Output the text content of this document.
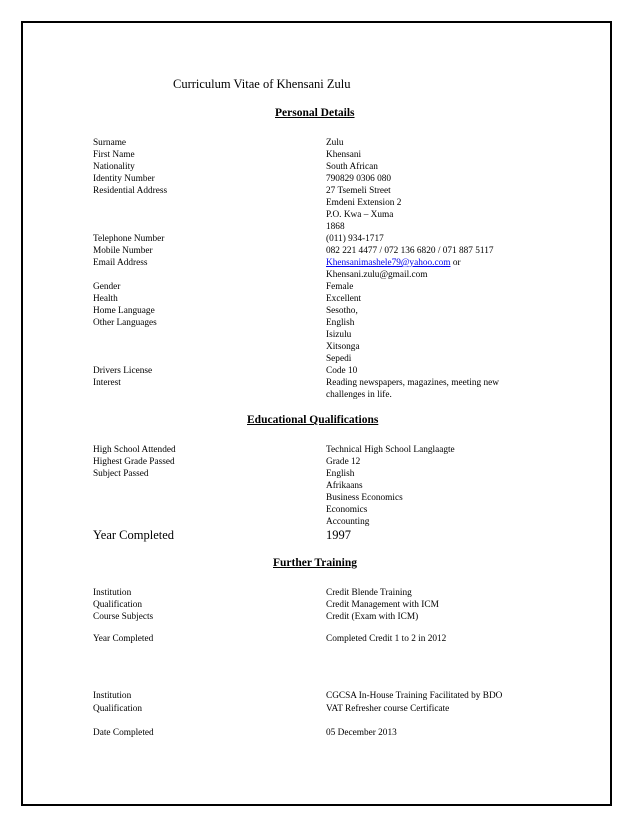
Curriculum Vitae of Khensani Zulu
Personal Details
Surname	Zulu
First Name	Khensani
Nationality	South African
Identity Number	790829 0306 080
Residential Address	27 Tsemeli Street
Emdeni Extension 2
P.O. Kwa – Xuma
1868
Telephone Number	(011) 934-1717
Mobile Number	082 221 4477 / 072 136 6820 / 071 887 5117
Email Address	Khensanimashele79@yahoo.com or
Khensani.zulu@gmail.com
Gender	Female
Health	Excellent
Home Language	Sesotho,
Other Languages	English
Isizulu
Xitsonga
Sepedi
Drivers License	Code 10
Interest	Reading newspapers, magazines, meeting new
challenges in life.
Educational Qualifications
High School Attended	Technical High School Langlaagte
Highest Grade Passed	Grade 12
Subject Passed	English
Afrikaans
Business Economics
Economics
Accounting
Year Completed	1997
Further Training
Institution	Credit Blende Training
Qualification	Credit Management with ICM
Course Subjects	Credit (Exam with ICM)
Year Completed	Completed Credit 1 to 2 in 2012
Institution	CGCSA In-House Training Facilitated by BDO
Qualification	VAT Refresher course Certificate
Date Completed	05 December 2013
